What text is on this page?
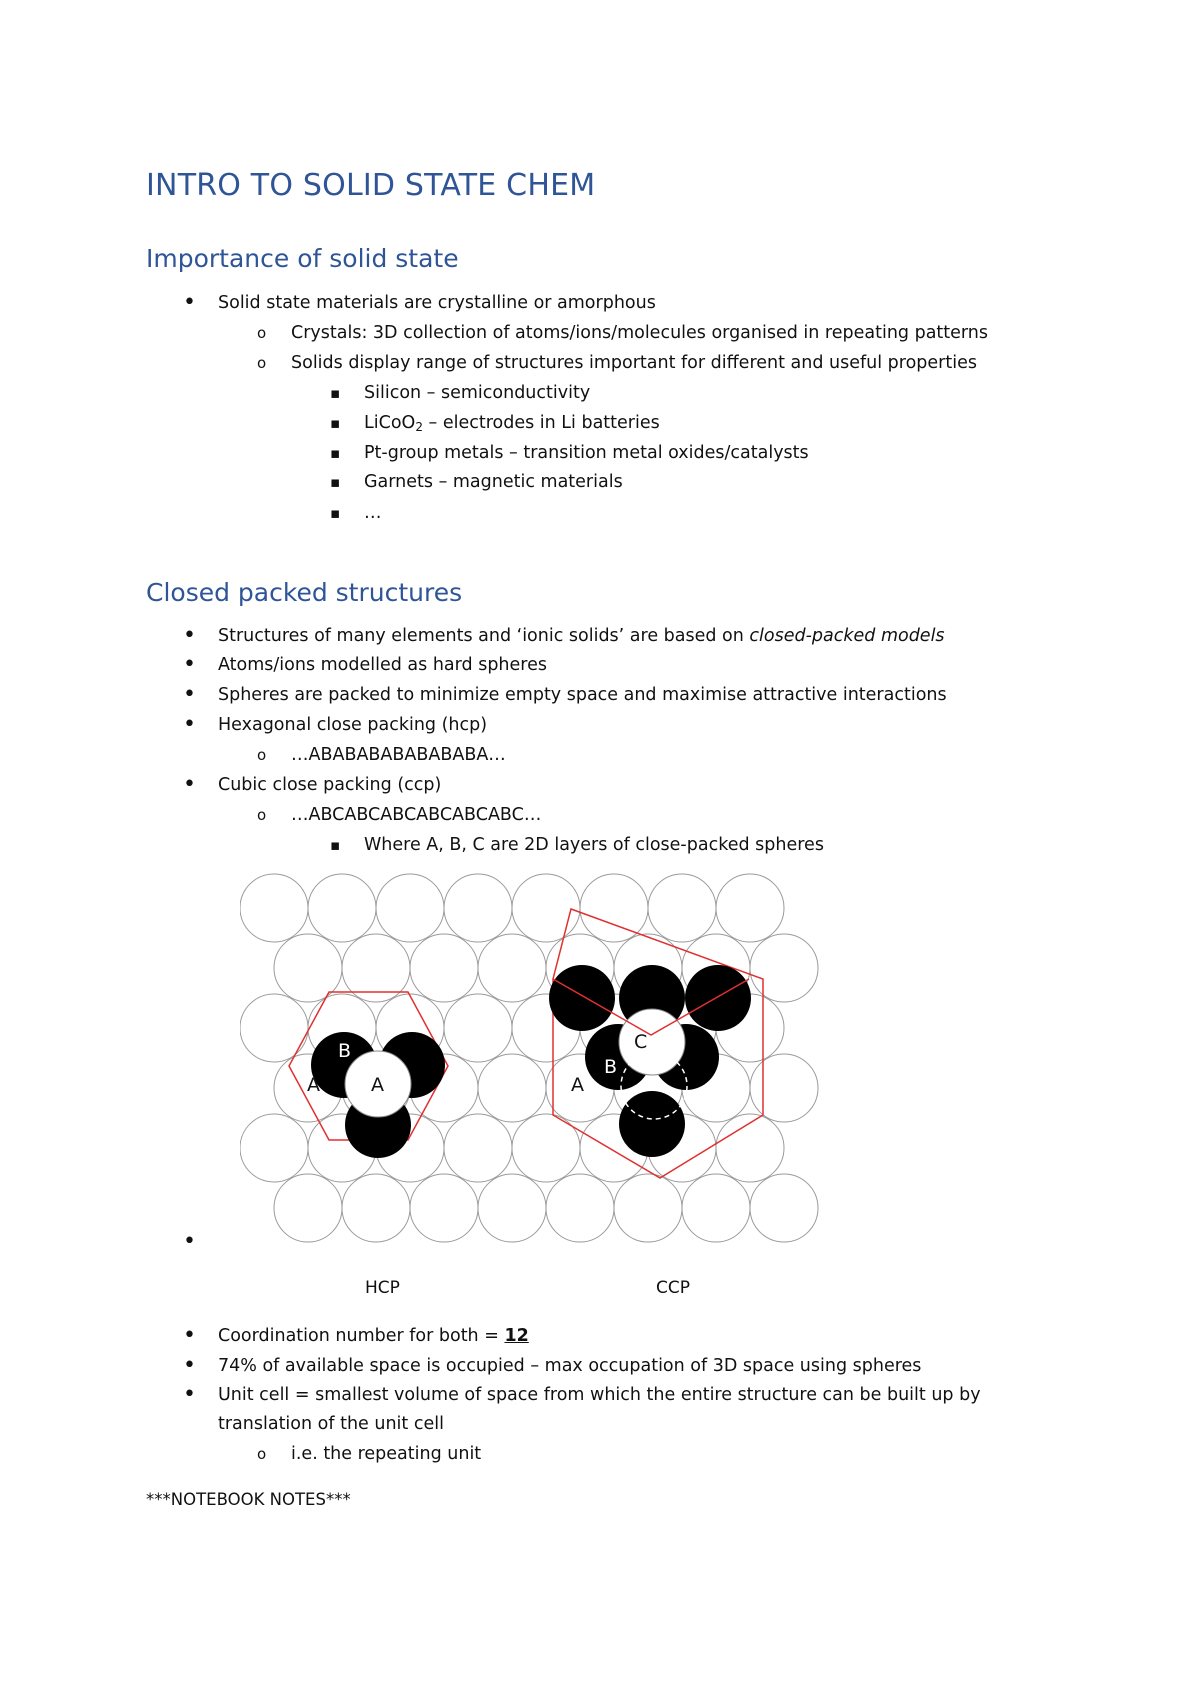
INTRO TO SOLID STATE CHEM
Importance of solid state
•

Solid state materials are crystalline or amorphous

o

Crystals: 3D collection of atoms/ions/molecules organised in repeating patterns

o

Solids display range of structures important for different and useful properties

▪

Silicon – semiconductivity

▪

LiCoO$_2$ – electrodes in Li batteries

▪

Pt-group metals – transition metal oxides/catalysts

▪

Garnets – magnetic materials

▪

…

Closed packed structures
•

Structures of many elements and ‘ionic solids’ are based on closed-packed models

•

Atoms/ions modelled as hard spheres

•

Spheres are packed to minimize empty space and maximise attractive interactions

•

Hexagonal close packing (hcp)

o

…ABABABABABABABA…

•

Cubic close packing (ccp)

o

…ABCABCABCABCABCABC…

▪

Where A, B, C are 2D layers of close-packed spheres

A
B
A	A
B
C
•
HCP	CCP
•

Coordination number for both = 12

•

74% of available space is occupied – max occupation of 3D space using spheres

•

Unit cell = smallest volume of space from which the entire structure can be built up by

translation of the unit cell

o

i.e. the repeating unit

***NOTEBOOK NOTES***
